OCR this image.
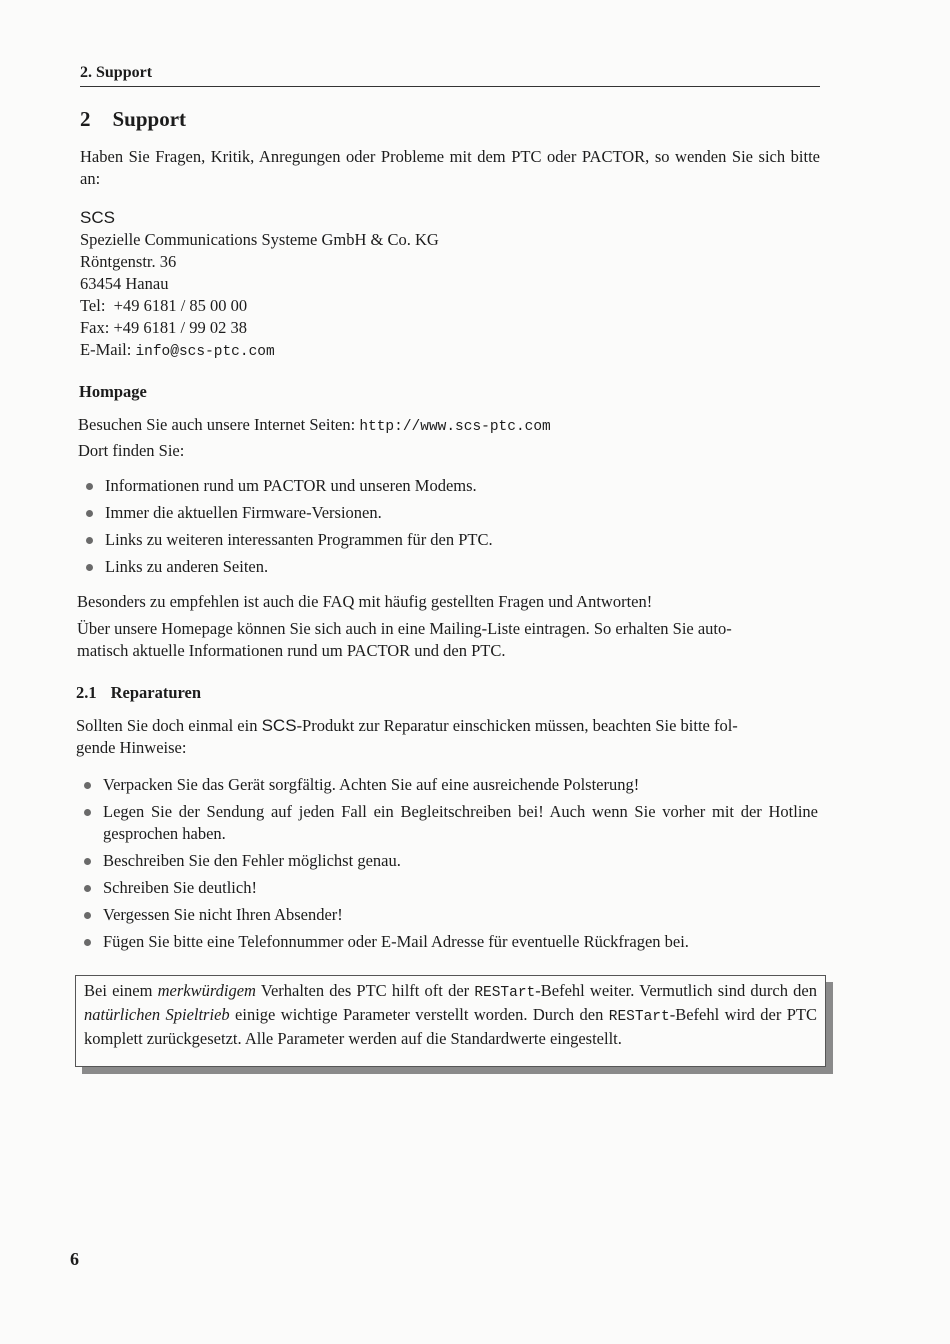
2. Support
2 Support
Haben Sie Fragen, Kritik, Anregungen oder Probleme mit dem PTC oder PACTOR, so wenden Sie sich bitte an:
SCS
Spezielle Communications Systeme GmbH & Co. KG
Röntgenstr. 36
63454 Hanau
Tel:  +49 6181 / 85 00 00
Fax: +49 6181 / 99 02 38
E-Mail: info@scs-ptc.com
Hompage
Besuchen Sie auch unsere Internet Seiten: http://www.scs-ptc.com
Dort finden Sie:
Informationen rund um PACTOR und unseren Modems.
Immer die aktuellen Firmware-Versionen.
Links zu weiteren interessanten Programmen für den PTC.
Links zu anderen Seiten.
Besonders zu empfehlen ist auch die FAQ mit häufig gestellten Fragen und Antworten!
Über unsere Homepage können Sie sich auch in eine Mailing-Liste eintragen. So erhalten Sie auto-
matisch aktuelle Informationen rund um PACTOR und den PTC.
2.1 Reparaturen
Sollten Sie doch einmal ein SCS-Produkt zur Reparatur einschicken müssen, beachten Sie bitte fol-
gende Hinweise:
Verpacken Sie das Gerät sorgfältig. Achten Sie auf eine ausreichende Polsterung!
Legen Sie der Sendung auf jeden Fall ein Begleitschreiben bei! Auch wenn Sie vorher mit der Hotline gesprochen haben.
Beschreiben Sie den Fehler möglichst genau.
Schreiben Sie deutlich!
Vergessen Sie nicht Ihren Absender!
Fügen Sie bitte eine Telefonnummer oder E-Mail Adresse für eventuelle Rückfragen bei.

Bei einem merkwürdigem Verhalten des PTC hilft oft der RESTart-Befehl weiter. Vermutlich sind durch den natürlichen Spieltrieb einige wichtige Parameter verstellt worden. Durch den RESTart-Befehl wird der PTC komplett zurückgesetzt. Alle Parameter werden auf die Standardwerte eingestellt.

6
